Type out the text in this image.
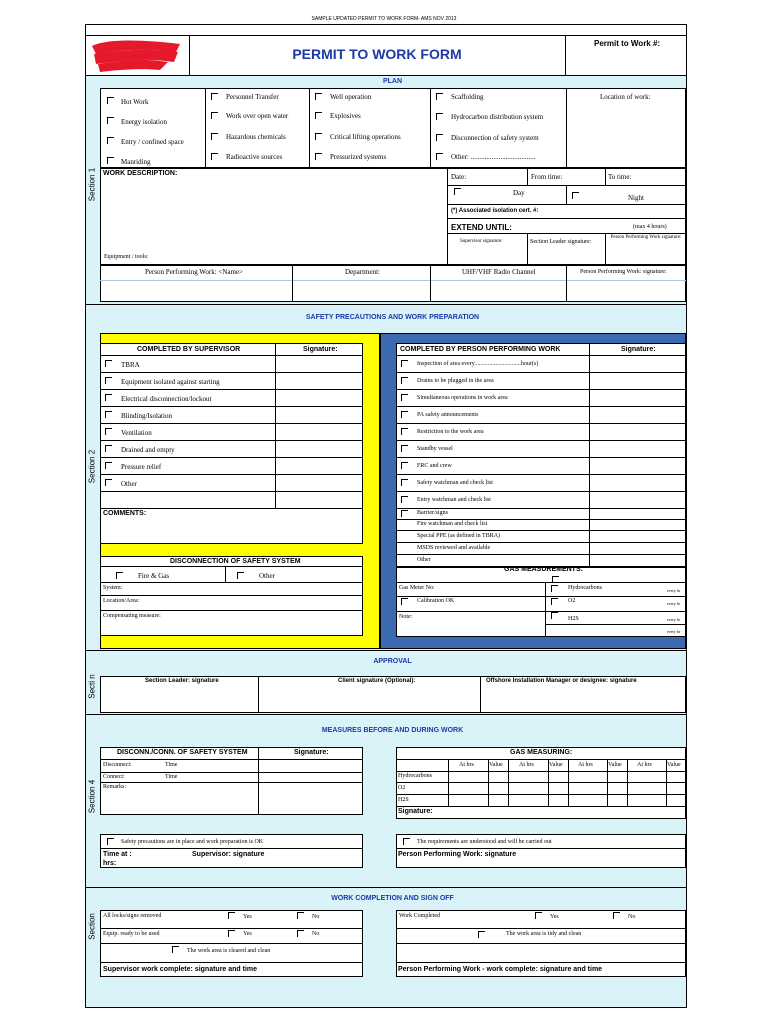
SAMPLE UPDATED PERMIT TO WORK FORM- AMS NOV 2013
PERMIT TO WORK FORM
Permit to Work #:
Section 1
PLAN
Hot Work
Energy isolation
Entry / confined space
Manriding
Personnel Transfer
Work over open water
Hazardous chemicals
Radioactive sources
Well operation
Explosives
Critical lifting operations
Pressurized systems
Scaffolding
Hydrocarbon distribution system
Disconnection of safety system
Other: .....................................
Location of work:
WORK DESCRIPTION:	Date:	From time:	To time:
Day
Night
(*) Associated isolation cert. #:
EXTEND UNTIL:	(max 4 hours)
Supervisor signature:	Section Leader signature:
Person Performing Work signature:
Equipment / tools:
Person Performing Work: <Name>	Department:	UHF/VHF Radio Channel	Person Performing Work: signature:
Section 2
SAFETY PRECAUTIONS AND WORK PREPARATION
COMPLETED BY SUPERVISOR	Signature:
TBRA
Equipment isolated against starting
Electrical disconnection/lockout
Blinding/Isolation
Ventilation
Drained and empty
Pressure relief
Other
COMMENTS:
DISCONNECTION OF SAFETY SYSTEM
Fire & Gas	Other
System:
Location/Area:
Compensating measure:
COMPLETED BY PERSON PERFORMING WORK	Signature:
Inspection of area every...............................hour(s)
Drains to be plugged in the area
Simultaneous operations in work area
PA safety announcements
Restriction to the work area
Standby vessel
FRC and crew
Safety watchman and check list
Entry watchman and check list
Barrier/signs
Fire watchman and check list
Special PPE (as defined in TBRA)
MSDS reviewed and available
Other
GAS MEASUREMENTS:
Gas Meter No:
Calibration OK
Note:
Hydrocarbons	every hr
O2	every hr
H2S	every hr
every hr
Secti n
APPROVAL
Section Leader: signature	Client signature (Optional):	Offshore Installation Manager or designee: signature
Section 4
MEASURES BEFORE AND DURING WORK
DISCONN./CONN. OF SAFETY SYSTEM	Signature:
Disconnect:	Time
Connect:	Time
Remarks:
GAS MEASURING:
At hrs	Value	At hrs	Value	At hrs	Value	At hrs	Value
Hydrocarbons
O2
H2S
Signature:
Safety precautions are in place and work preparation is OK
Time at :
hrs:
Supervisor: signature
The requirements are understood and will be carried out
Person Performing Work: signature
Section
WORK COMPLETION AND SIGN OFF
All locks/signs removed	Yes	No
Equip. ready to be used	Yes	No
The work area is cleared and clean
Supervisor work complete: signature and time
Work Completed	Yes	No
The work area is tidy and clean
Person Performing Work - work complete: signature and time
